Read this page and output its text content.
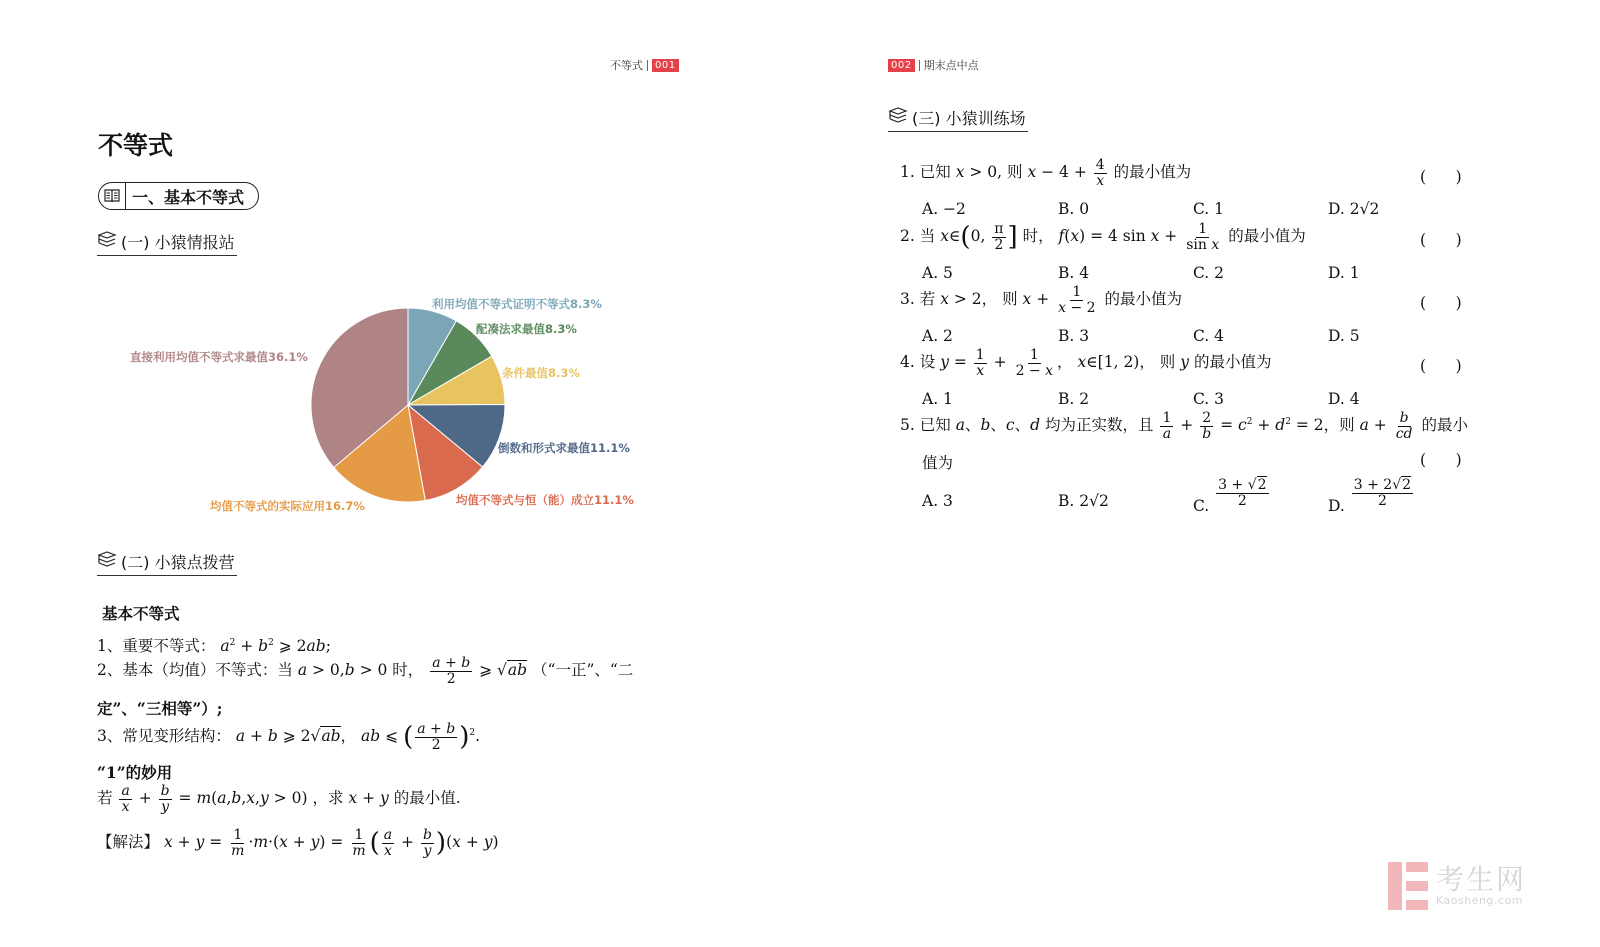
不等式	001
不等式
一、基本不等式
(一) 小猿情报站
利用均值不等式证明不等式8.3%
配凑法求最值8.3%
条件最值8.3%
倒数和形式求最值11.1%
均值不等式与恒（能）成立11.1%
均值不等式的实际应用16.7%
直接利用均值不等式求最值36.1%
(二) 小猿点拨营
基本不等式
1、重要不等式： $a^2 + b^2$ ⩾ 2ab;
2、基本（均值）不等式：当 a > 0,b > 0 时， $\frac{a + b}{2}$ ⩾ √ab （“一正”、“二
定”、“三相等”）;
3、常见变形结构： a + b ⩾ 2√ab， ab ⩽ ( $\frac{a + b}{2} )^2$.
“1”的妙用
若 $\frac{a}{x} + \frac{b}{y} = m(a,b,x,y > 0)$ ，求 x + y 的最小值.
【解法】 $x + y = \frac{1}{m} \cdot m\cdot(x + y) = \frac{1}{m}$ ( $\frac{a}{x} + \frac{b}{y} )(x + y)$
002 期末点中点
(三) 小猿训练场
1. 已知 x > 0, 则 $x - 4 + \frac{4}{x}$ 的最小值为	(      )
A. −2	B. 0	C. 1	D. 2√2
2. 当 x∈(0, $\frac{\pi}{2}$ ] 时， f(x) = 4 $\sin x + \frac{1}{\text{sin x}}$ 的最小值为	(      )
A. 5	B. 4	C. 2	D. 1
3. 若 x > 2， 则 $x + \frac{1}{x - 2}$ 的最小值为	(      )
A. 2	B. 3	C. 4	D. 5
4. 设 $y = \frac{1}{x} + \frac{1}{2 - x}$ ， x∈[1, 2)， 则 y 的最小值为	(      )
A. 1	B. 2	C. 3	D. 4
5. 已知 a、b、c、d 均为正实数，且 $\frac{1}{a} + \frac{2}{b} = c^2 + d^2 = 2$，则 $a + \frac{b}{cd}$ 的最小
值为	(      )
A. 3	B. 2√2	C. $\frac{3 + √2}{2}$	D. $\frac{3 + 2√2}{2}$
考生网
Kaosheng.com
